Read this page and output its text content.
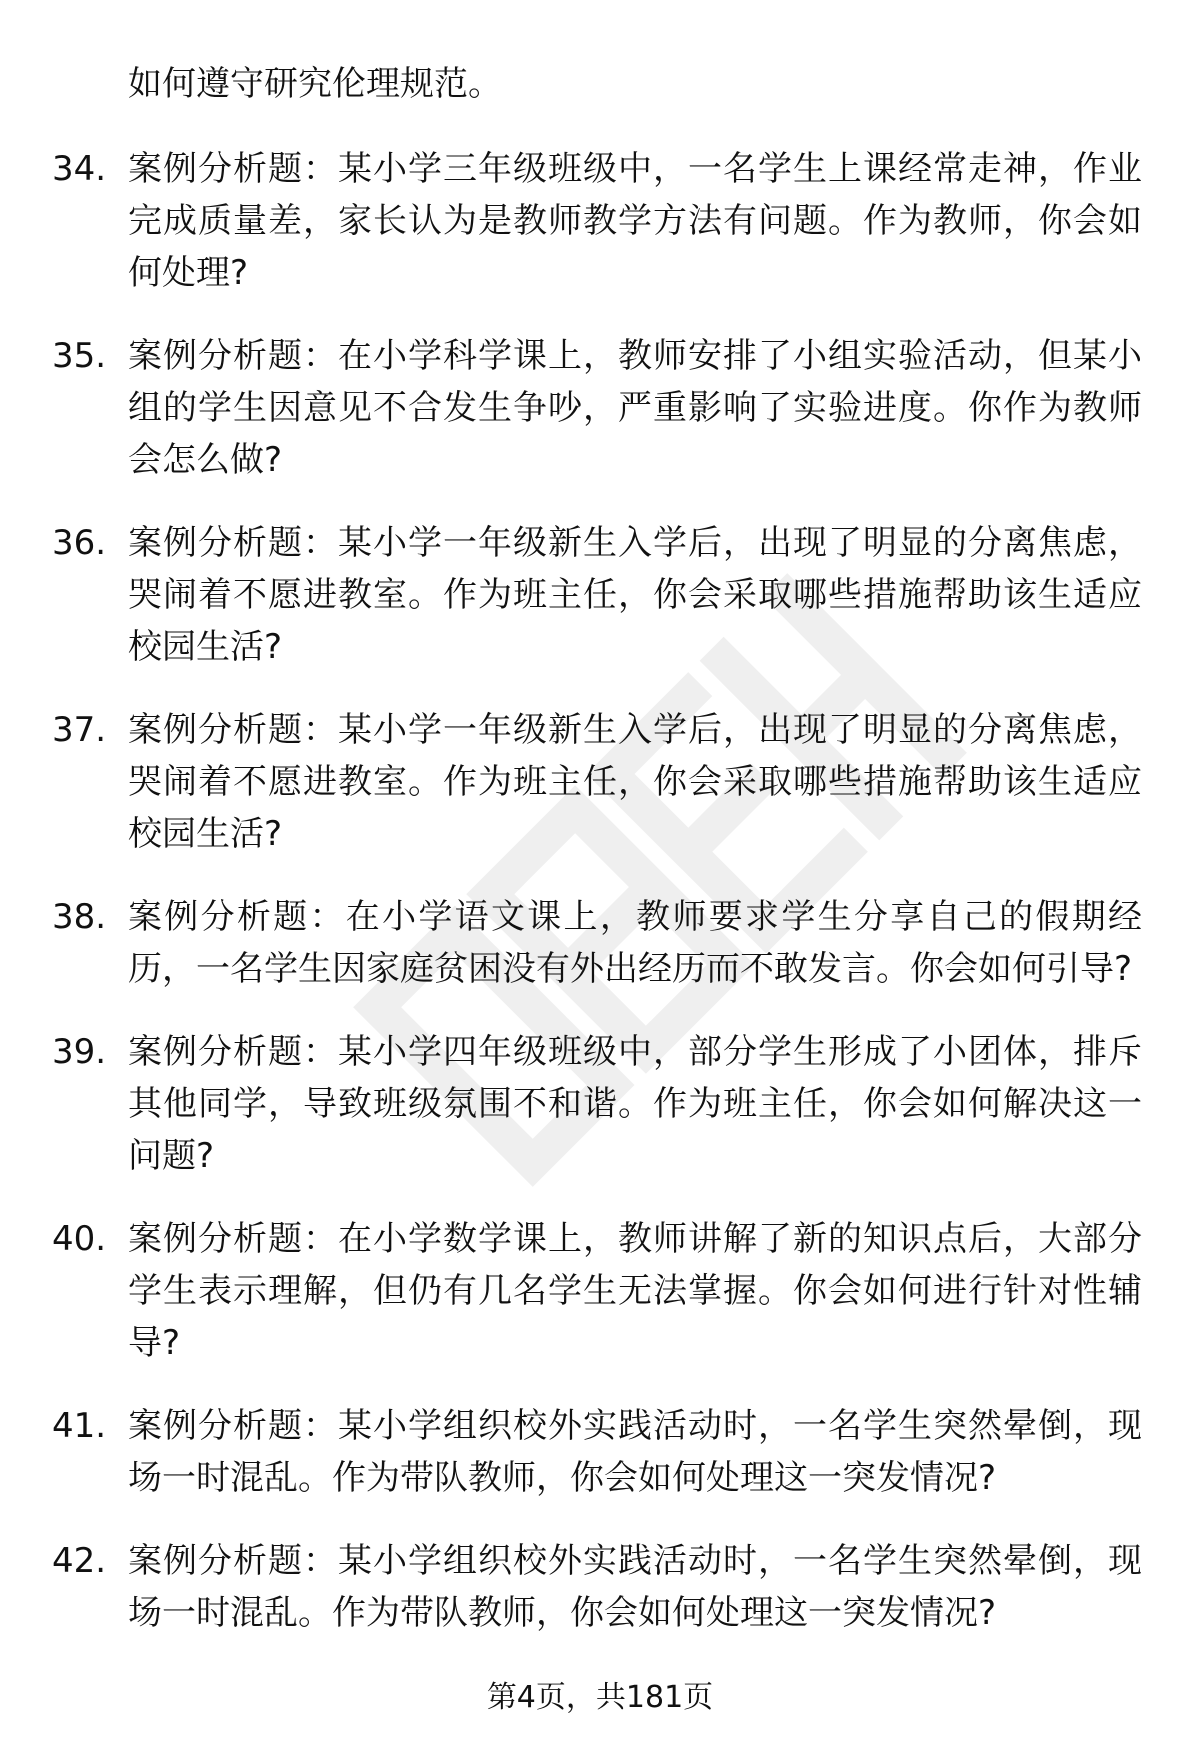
如何遵守研究伦理规范。

34. 案例分析题：某小学三年级班级中，一名学生上课经常走神，作业完成质量差，家长认为是教师教学方法有问题。作为教师，你会如何处理?
35. 案例分析题：在小学科学课上，教师安排了小组实验活动，但某小组的学生因意见不合发生争吵，严重影响了实验进度。你作为教师会怎么做?
36. 案例分析题：某小学一年级新生入学后，出现了明显的分离焦虑，哭闹着不愿进教室。作为班主任，你会采取哪些措施帮助该生适应校园生活?
37. 案例分析题：某小学一年级新生入学后，出现了明显的分离焦虑，哭闹着不愿进教室。作为班主任，你会采取哪些措施帮助该生适应校园生活?
38. 案例分析题：在小学语文课上，教师要求学生分享自己的假期经历，一名学生因家庭贫困没有外出经历而不敢发言。你会如何引导?
39. 案例分析题：某小学四年级班级中，部分学生形成了小团体，排斥其他同学，导致班级氛围不和谐。作为班主任，你会如何解决这一问题?
40. 案例分析题：在小学数学课上，教师讲解了新的知识点后，大部分学生表示理解，但仍有几名学生无法掌握。你会如何进行针对性辅导?
41. 案例分析题：某小学组织校外实践活动时，一名学生突然晕倒，现场一时混乱。作为带队教师，你会如何处理这一突发情况?
42. 案例分析题：某小学组织校外实践活动时，一名学生突然晕倒，现场一时混乱。作为带队教师，你会如何处理这一突发情况?
第4页，共181页
